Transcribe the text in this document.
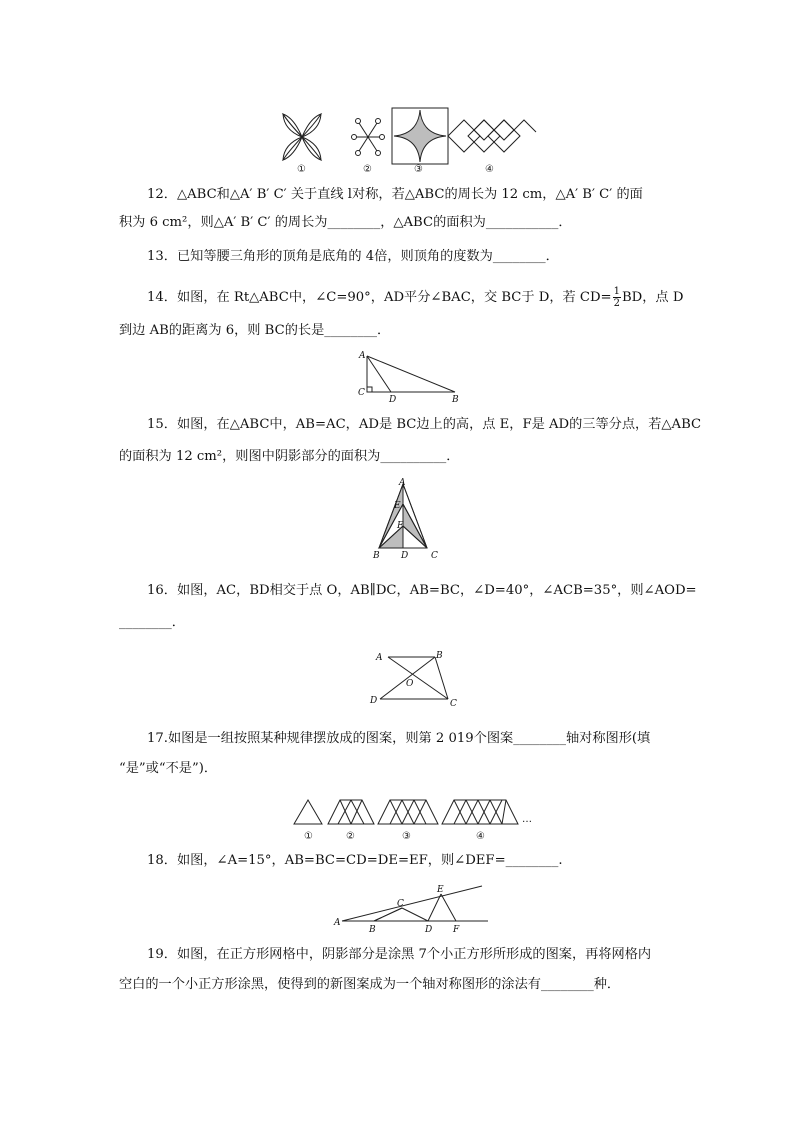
①	②	③	④
12．△ABC和△A′ B′ C′ 关于直线 l对称，若△ABC的周长为 12 cm，△A′ B′ C′ 的面
积为 6 cm²，则△A′ B′ C′ 的周长为________，△ABC的面积为___________．
13．已知等腰三角形的顶角是底角的 4倍，则顶角的度数为________．
14．如图，在 Rt△ABC中，∠C=90°，AD平分∠BAC，交 BC于 D，若 $CD= \frac{1}{2}$ BD，点 D
到边 AB的距离为 6，则 BC的长是________．
A
C
D	B
15．如图，在△ABC中，AB=AC，AD是 BC边上的高，点 E，F是 AD的三等分点，若△ABC
的面积为 12 cm²，则图中阴影部分的面积为__________．
A
E
F
B D	C
16．如图，AC，BD相交于点 O，AB∥DC，AB=BC，∠D=40°，∠ACB=35°，则∠AOD=
________．
A	B
O
D	C
17.如图是一组按照某种规律摆放成的图案，则第 2 019个图案________轴对称图形(填
“是”或“不是”)．
①	②	③	④
…
18．如图，∠A=15°，AB=BC=CD=DE=EF，则∠DEF=________.
A
B
C
D
E
F
19．如图，在正方形网格中，阴影部分是涂黑 7个小正方形所形成的图案，再将网格内
空白的一个小正方形涂黑，使得到的新图案成为一个轴对称图形的涂法有________种．
